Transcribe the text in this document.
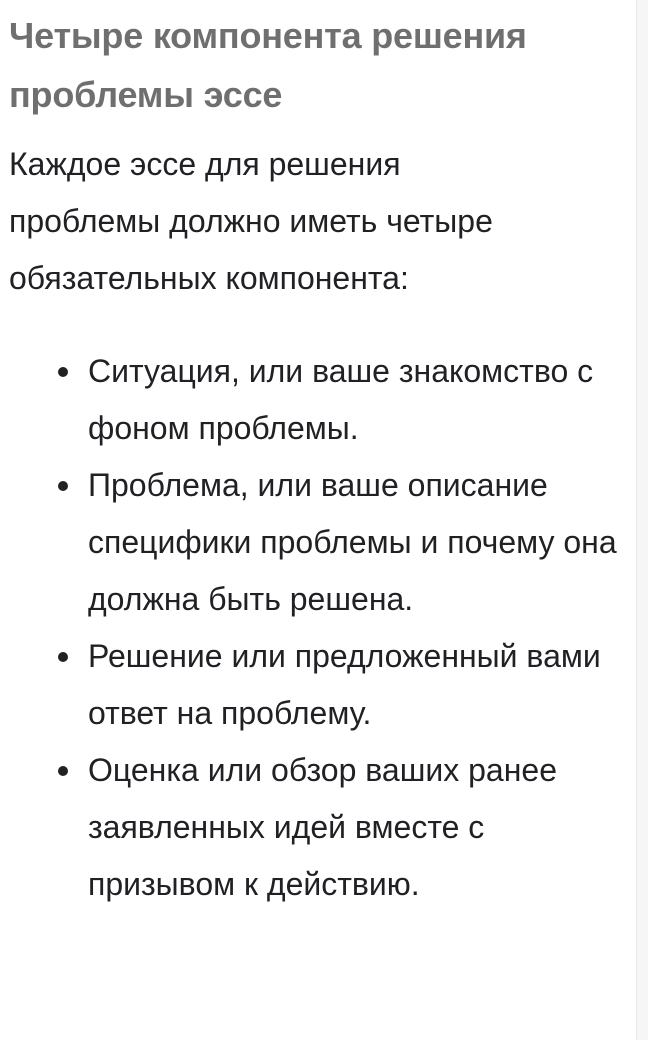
Четыре компонента решения проблемы эссе

Каждое эссе для решения проблемы должно иметь четыре обязательных компонента:

Ситуация, или ваше знакомство с фоном проблемы.
Проблема, или ваше описание специфики проблемы и почему она должна быть решена.
Решение или предложенный вами ответ на проблему.
Оценка или обзор ваших ранее заявленных идей вместе с призывом к действию.
